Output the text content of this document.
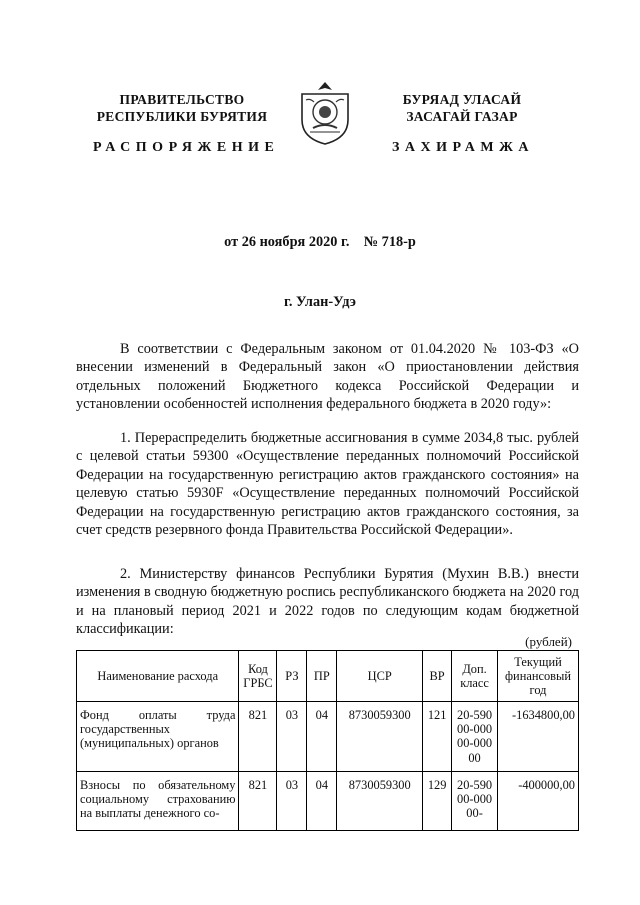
ПРАВИТЕЛЬСТВО
РЕСПУБЛИКИ БУРЯТИЯ
БУРЯАД УЛАСАЙ
ЗАСАГАЙ ГАЗАР
РАСПОРЯЖЕНИЕ	ЗАХИРАМЖА
от 26 ноября 2020 г.    № 718-р
г. Улан-Удэ
В соответствии с Федеральным законом от 01.04.2020 № 103-ФЗ «О внесении изменений в Федеральный закон «О приостановлении действия отдельных положений Бюджетного кодекса Российской Федерации и установлении особенностей исполнения федерального бюджета в 2020 году»:
1. Перераспределить бюджетные ассигнования в сумме 2034,8 тыс. рублей с целевой статьи 59300 «Осуществление переданных полномочий Российской Федерации на государственную регистрацию актов гражданского состояния» на целевую статью 5930F «Осуществление переданных полномочий Российской Федерации на государственную регистрацию актов гражданского состояния, за счет средств резервного фонда Правительства Российской Федерации».
2. Министерству финансов Республики Бурятия (Мухин В.В.) внести изменения в сводную бюджетную роспись республиканского бюджета на 2020 год и на плановый период 2021 и 2022 годов по следующим кодам бюджетной классификации:
(рублей)
Наименование расхода	Код ГРБС	РЗ	ПР	ЦСР	ВР	Доп. класс	Текущий финансовый год
Фонд оплаты труда государственных (муниципальных) органов	821	03	04	8730059300	121	20-59000-00000-00000	-1634800,00
Взносы по обязательному социальному страхованию на выплаты денежного со-	821	03	04	8730059300	129	20-59000-00000-	-400000,00
